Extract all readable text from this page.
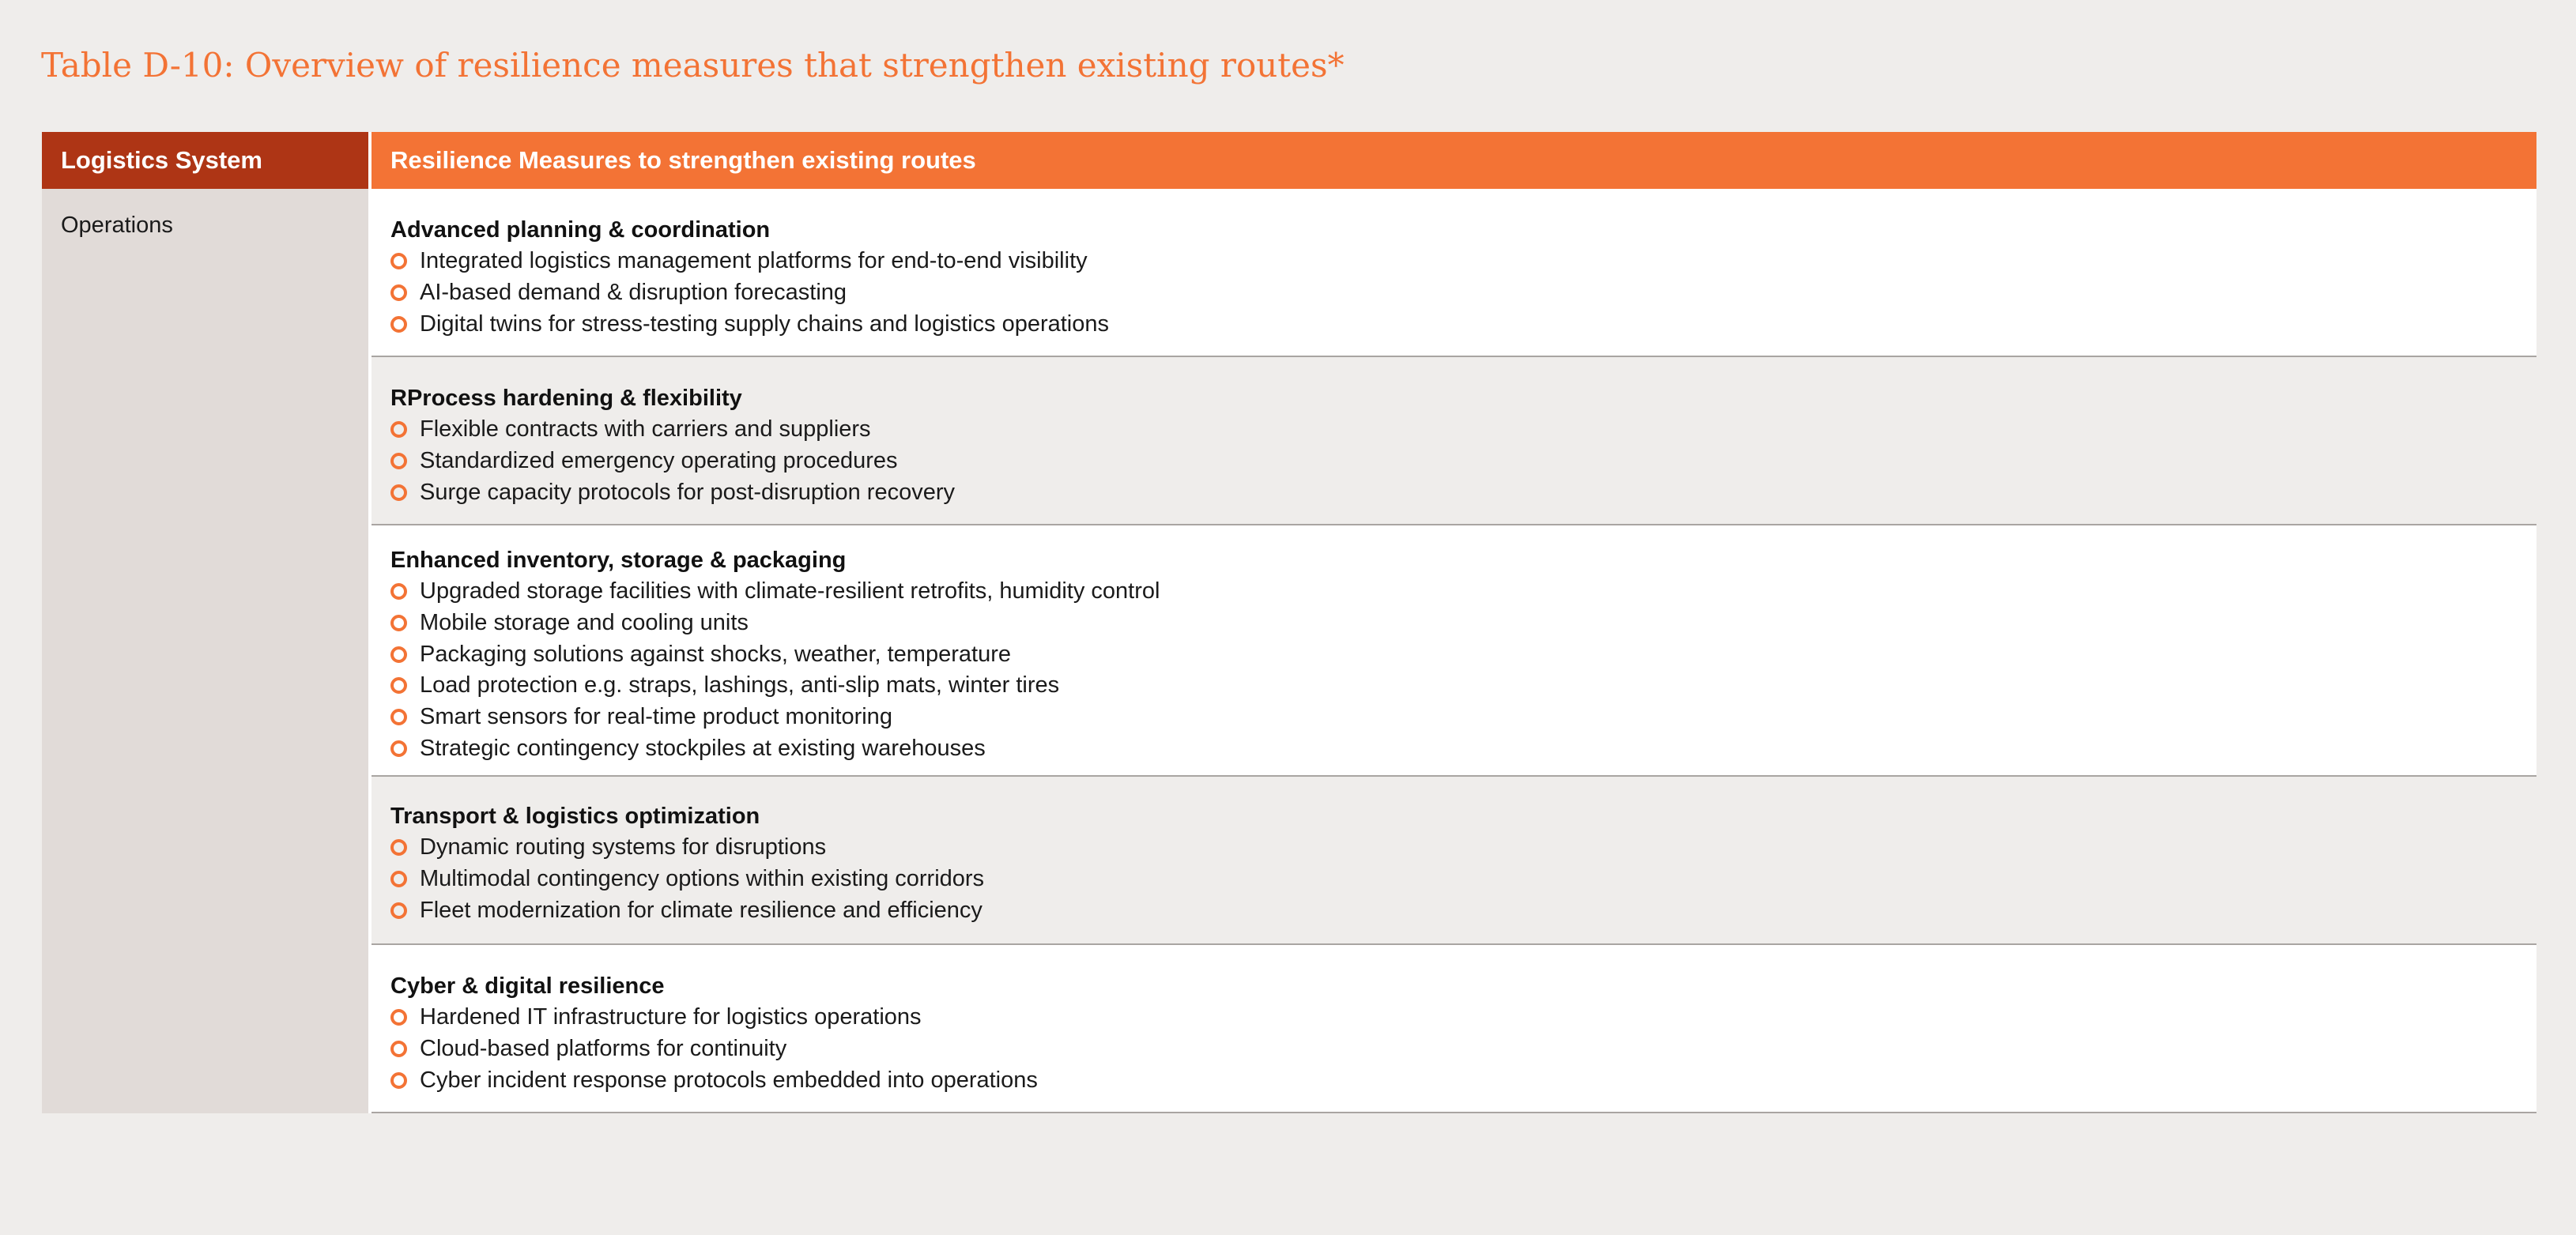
Table D-10: Overview of resilience measures that strengthen existing routes*
Logistics System	Resilience Measures to strengthen existing routes
Operations	Advanced planning & coordination
Integrated logistics management platforms for end-to-end visibility
AI-based demand & disruption forecasting
Digital twins for stress-testing supply chains and logistics operations
RProcess hardening & flexibility
Flexible contracts with carriers and suppliers
Standardized emergency operating procedures
Surge capacity protocols for post-disruption recovery
Enhanced inventory, storage & packaging
Upgraded storage facilities with climate-resilient retrofits, humidity control
Mobile storage and cooling units
Packaging solutions against shocks, weather, temperature
Load protection e.g. straps, lashings, anti-slip mats, winter tires
Smart sensors for real-time product monitoring
Strategic contingency stockpiles at existing warehouses
Transport & logistics optimization
Dynamic routing systems for disruptions
Multimodal contingency options within existing corridors
Fleet modernization for climate resilience and efficiency
Cyber & digital resilience
Hardened IT infrastructure for logistics operations
Cloud-based platforms for continuity
Cyber incident response protocols embedded into operations
